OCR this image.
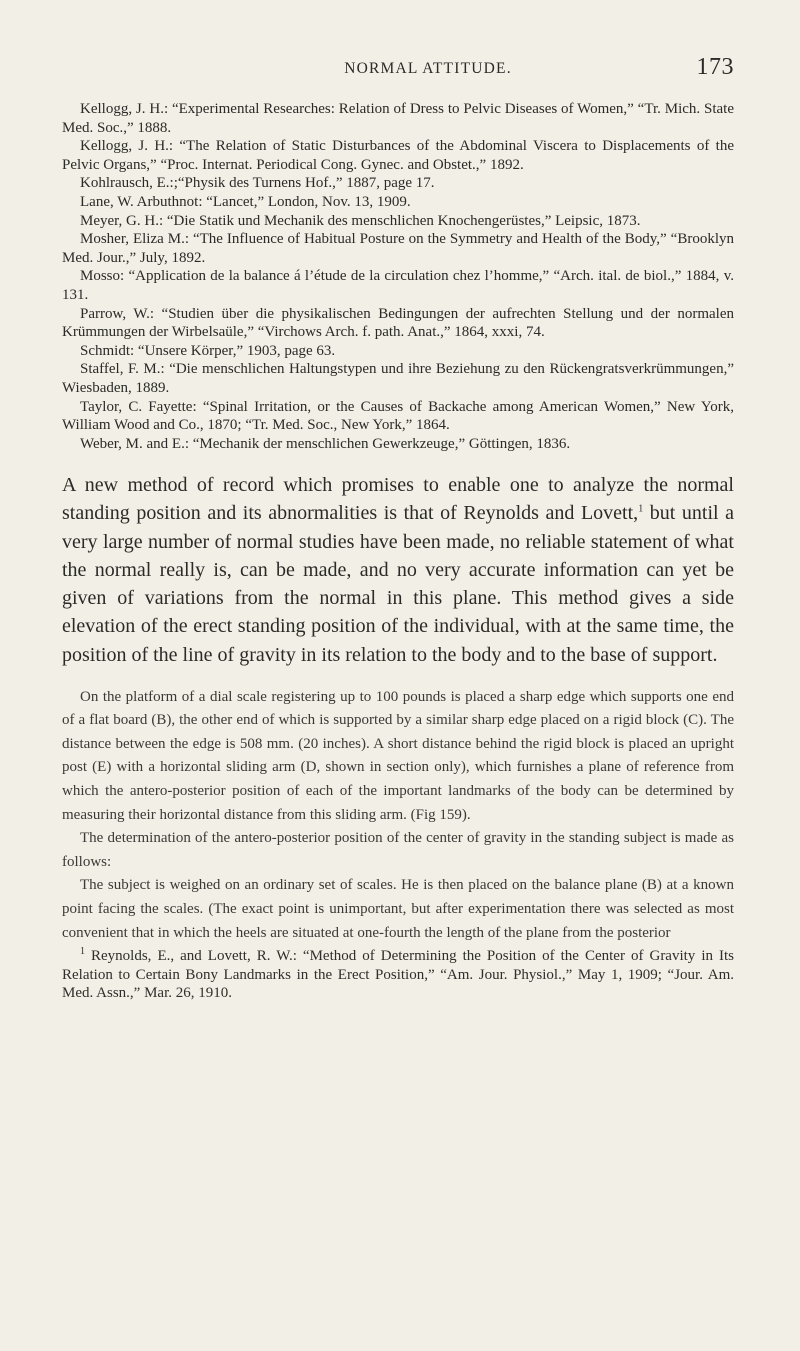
NORMAL ATTITUDE.	173

Kellogg, J. H.: “Experimental Researches: Relation of Dress to Pelvic Diseases of Women,” “Tr. Mich. State Med. Soc.,” 1888.

Kellogg, J. H.: “The Relation of Static Disturbances of the Abdominal Viscera to Displacements of the Pelvic Organs,” “Proc. Internat. Periodical Cong. Gynec. and Obstet.,” 1892.

Kohlrausch, E.:;“Physik des Turnens Hof.,” 1887, page 17.

Lane, W. Arbuthnot: “Lancet,” London, Nov. 13, 1909.

Meyer, G. H.: “Die Statik und Mechanik des menschlichen Knochengerüstes,” Leipsic, 1873.

Mosher, Eliza M.: “The Influence of Habitual Posture on the Symmetry and Health of the Body,” “Brooklyn Med. Jour.,” July, 1892.

Mosso: “Application de la balance á l’étude de la circulation chez l’homme,” “Arch. ital. de biol.,” 1884, v. 131.

Parrow, W.: “Studien über die physikalischen Bedingungen der aufrechten Stellung und der normalen Krümmungen der Wirbelsaüle,” “Virchows Arch. f. path. Anat.,” 1864, xxxi, 74.

Schmidt: “Unsere Körper,” 1903, page 63.

Staffel, F. M.: “Die menschlichen Haltungstypen und ihre Beziehung zu den Rückengratsverkrümmungen,” Wiesbaden, 1889.

Taylor, C. Fayette: “Spinal Irritation, or the Causes of Backache among American Women,” New York, William Wood and Co., 1870; “Tr. Med. Soc., New York,” 1864.

Weber, M. and E.: “Mechanik der menschlichen Gewerkzeuge,” Göttingen, 1836.

A new method of record which promises to enable one to analyze the normal standing position and its abnormalities is that of Reynolds and Lovett,$^1$ but until a very large number of normal studies have been made, no reliable statement of what the normal really is, can be made, and no very accurate information can yet be given of variations from the normal in this plane. This method gives a side elevation of the erect standing position of the individual, with at the same time, the position of the line of gravity in its relation to the body and to the base of support.

On the platform of a dial scale registering up to 100 pounds is placed a sharp edge which supports one end of a flat board (B), the other end of which is supported by a similar sharp edge placed on a rigid block (C). The distance between the edge is 508 mm. (20 inches). A short distance behind the rigid block is placed an upright post (E) with a horizontal sliding arm (D, shown in section only), which furnishes a plane of reference from which the antero-posterior position of each of the important landmarks of the body can be determined by measuring their horizontal distance from this sliding arm. (Fig 159).

The determination of the antero-posterior position of the center of gravity in the standing subject is made as follows:

The subject is weighed on an ordinary set of scales. He is then placed on the balance plane (B) at a known point facing the scales. (The exact point is unimportant, but after experimentation there was selected as most convenient that in which the heels are situated at one-fourth the length of the plane from the posterior

$^1$ Reynolds, E., and Lovett, R. W.: “Method of Determining the Position of the Center of Gravity in Its Relation to Certain Bony Landmarks in the Erect Position,” “Am. Jour. Physiol.,” May 1, 1909; “Jour. Am. Med. Assn.,” Mar. 26, 1910.
